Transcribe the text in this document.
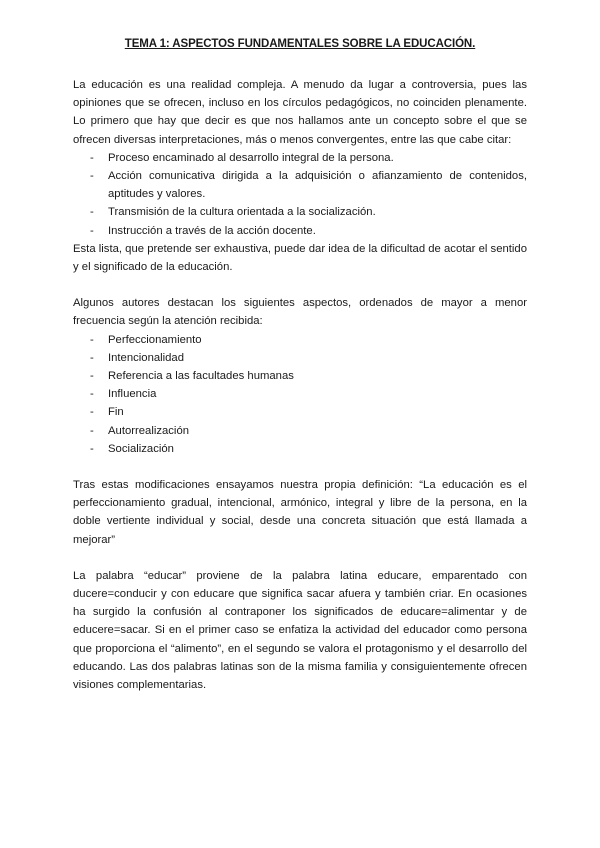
TEMA 1: ASPECTOS FUNDAMENTALES SOBRE LA EDUCACIÓN.

La educación es una realidad compleja. A menudo da lugar a controversia, pues las opiniones que se ofrecen, incluso en los círculos pedagógicos, no coinciden plenamente. Lo primero que hay que decir es que nos hallamos ante un concepto sobre el que se ofrecen diversas interpretaciones, más o menos convergentes, entre las que cabe citar:

- Proceso encaminado al desarrollo integral de la persona.
- Acción comunicativa dirigida a la adquisición o afianzamiento de contenidos, aptitudes y valores.
- Transmisión de la cultura orientada a la socialización.
- Instrucción a través de la acción docente.

Esta lista, que pretende ser exhaustiva, puede dar idea de la dificultad de acotar el sentido y el significado de la educación.

Algunos autores destacan los siguientes aspectos, ordenados de mayor a menor frecuencia según la atención recibida:

- Perfeccionamiento
- Intencionalidad
- Referencia a las facultades humanas
- Influencia
- Fin
- Autorrealización
- Socialización

Tras estas modificaciones ensayamos nuestra propia definición: “La educación es el perfeccionamiento gradual, intencional, armónico, integral y libre de la persona, en la doble vertiente individual y social, desde una concreta situación que está llamada a mejorar”

La palabra “educar” proviene de la palabra latina educare, emparentado con ducere=conducir y con educare que significa sacar afuera y también criar. En ocasiones ha surgido la confusión al contraponer los significados de educare=alimentar y de educere=sacar. Si en el primer caso se enfatiza la actividad del educador como persona que proporciona el “alimento”, en el segundo se valora el protagonismo y el desarrollo del educando. Las dos palabras latinas son de la misma familia y consiguientemente ofrecen visiones complementarias.
